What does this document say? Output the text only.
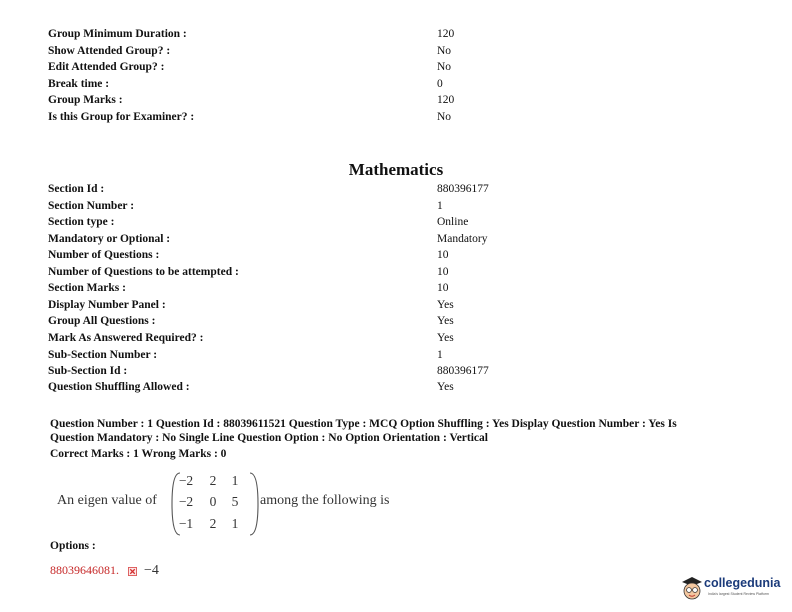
Group Minimum Duration :	120
Show Attended Group? :	No
Edit Attended Group? :	No
Break time :	0
Group Marks :	120
Is this Group for Examiner? :	No
Mathematics
Section Id :	880396177
Section Number :	1
Section type :	Online
Mandatory or Optional :	Mandatory
Number of Questions :	10
Number of Questions to be attempted :	10
Section Marks :	10
Display Number Panel :	Yes
Group All Questions :	Yes
Mark As Answered Required? :	Yes
Sub-Section Number :	1
Sub-Section Id :	880396177
Question Shuffling Allowed :	Yes
Question Number : 1 Question Id : 88039611521 Question Type : MCQ Option Shuffling : Yes Display Question Number : Yes Is
Question Mandatory : No Single Line Question Option : No Option Orientation : Vertical
Correct Marks : 1 Wrong Marks : 0
An eigen value of
−2	2	1
−2	0	5
−1	2	1
among the following is
Options :
88039646081. −4
collegedunia
India's largest Student Review Platform
